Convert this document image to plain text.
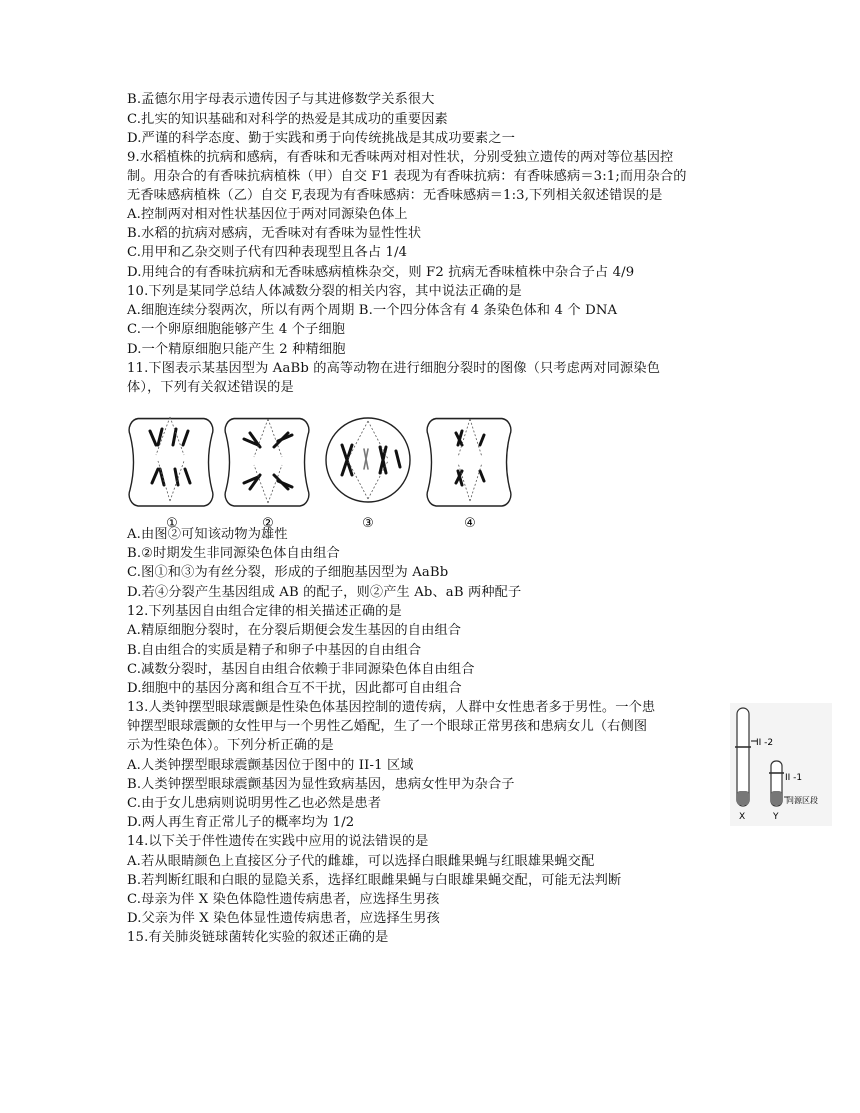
B.孟德尔用字母表示遗传因子与其进修数学关系很大
C.扎实的知识基础和对科学的热爱是其成功的重要因素
D.严谨的科学态度、勤于实践和勇于向传统挑战是其成功要素之一
9.水稻植株的抗病和感病，有香味和无香味两对相对性状，分别受独立遗传的两对等位基因控
制。用杂合的有香味抗病植株（甲）自交 F1 表现为有香味抗病：有香味感病＝3:1;而用杂合的
无香味感病植株（乙）自交 F,表现为有香味感病：无香味感病＝1:3,下列相关叙述错误的是
A.控制两对相对性状基因位于两对同源染色体上
B.水稻的抗病对感病，无香味对有香味为显性性状
C.用甲和乙杂交则子代有四种表现型且各占 1/4
D.用纯合的有香味抗病和无香味感病植株杂交，则 F2 抗病无香味植株中杂合子占 4/9
10.下列是某同学总结人体减数分裂的相关内容，其中说法正确的是
A.细胞连续分裂两次，所以有两个周期 B.一个四分体含有 4 条染色体和 4 个 DNA
C.一个卵原细胞能够产生 4 个子细胞
D.一个精原细胞只能产生 2 种精细胞
11.下图表示某基因型为 AaBb 的高等动物在进行细胞分裂时的图像（只考虑两对同源染色
体），下列有关叙述错误的是
A.由图②可知该动物为雄性
B.②时期发生非同源染色体自由组合
C.图①和③为有丝分裂，形成的子细胞基因型为 AaBb
D.若④分裂产生基因组成 AB 的配子，则②产生 Ab、aB 两种配子
12.下列基因自由组合定律的相关描述正确的是
A.精原细胞分裂时，在分裂后期便会发生基因的自由组合
B.自由组合的实质是精子和卵子中基因的自由组合
C.减数分裂时，基因自由组合依赖于非同源染色体自由组合
D.细胞中的基因分离和组合互不干扰，因此都可自由组合
13.人类钟摆型眼球震颤是性染色体基因控制的遗传病，人群中女性患者多于男性。一个患
钟摆型眼球震颤的女性甲与一个男性乙婚配，生了一个眼球正常男孩和患病女儿（右侧图
示为性染色体）。下列分析正确的是
A.人类钟摆型眼球震颤基因位于图中的 II-1 区域
B.人类钟摆型眼球震颤基因为显性致病基因，患病女性甲为杂合子
C.由于女儿患病则说明男性乙也必然是患者
D.两人再生育正常儿子的概率均为 1/2
14.以下关于伴性遗传在实践中应用的说法错误的是
A.若从眼睛颜色上直接区分子代的雌雄，可以选择白眼雌果蝇与红眼雄果蝇交配
B.若判断红眼和白眼的显隐关系，选择红眼雌果蝇与白眼雄果蝇交配，可能无法判断
C.母亲为伴 X 染色体隐性遗传病患者，应选择生男孩
D.父亲为伴 X 染色体显性遗传病患者，应选择生男孩
15.有关肺炎链球菌转化实验的叙述正确的是
①	②	③	④
II -2
II -1
同源区段
X	Y
